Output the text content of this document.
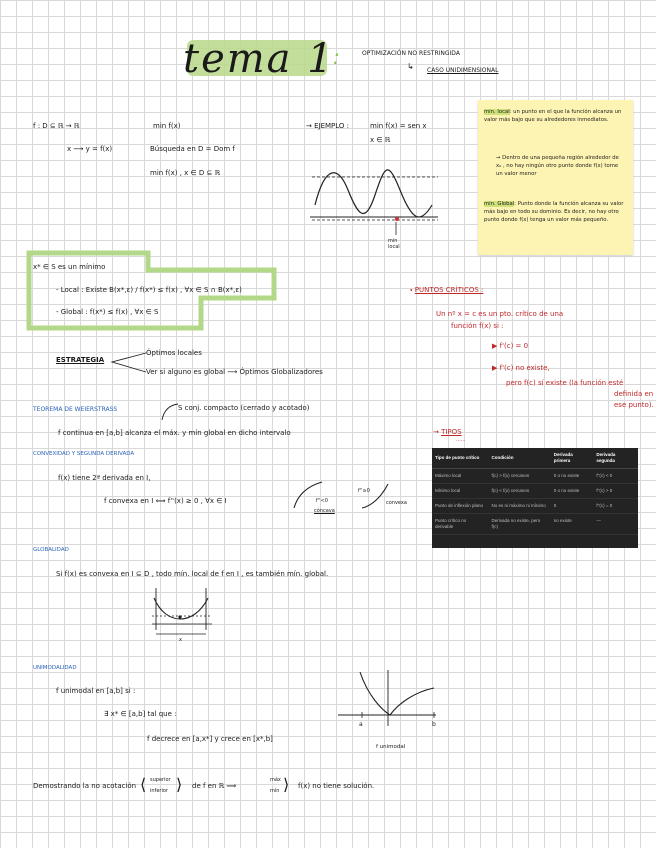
tema 1
:	OPTIMIZACIÓN NO RESTRINGIDA
↳ CASO UNIDIMENSIONAL
f : D ⊆ ℝ → ℝ
x ⟶ y = f(x)
min f(x)
Búsqueda en D = Dom f
min f(x) , x ∈ D ⊆ ℝ
→ EJEMPLO :	min f(x) = sen x
x ∈ ℝ
min local
min. local: un punto en el que la función alcanza un valor más bajo que su alrededores inmediatos.
→ Dentro de una pequeña región alrededor de x₀ , no hay ningún otro punto donde f(x) tome un valor menor
min. Global: Punto donde la función alcanza su valor más bajo en todo su dominio. Es decir, no hay otro punto donde f(x) tenga un valor más pequeño.
x* ∈ S es un mínimo
- Local : Existe B(x*,ε) / f(x*) ≤ f(x) , ∀x ∈ S ∩ B(x*,ε)
- Global : f(x*) ≤ f(x) , ∀x ∈ S
⬩ PUNTOS CRÍTICOS :
Un nº x = c es un pto. crítico de una
función f(x) si :
▶ f'(c) = 0
▶ f'(c) no existe,
pero f(c) sí existe (la función esté
definida en
ese punto).
ESTRATEGIA
Óptimos locales
Ver si alguno es global ⟶ Óptimos Globalizadores
TEOREMA DE WEIERSTRASS	S conj. compacto (cerrado y acotado)
f continua en [a,b] alcanza el máx. y mín global en dicho intervalo	→ TIPOS
......
Tipo de punto crítico	Condición	Derivada primera	Derivada segunda
Máximo local	f(c) > f(x) cercanos	0 o no existe	f''(c) < 0
Mínimo local	f(c) < f(x) cercanos	0 o no existe	f''(c) > 0
Punto de inflexión plano	No es ni máximo ni mínimo	0	f''(c) = 0
Punto crítico no derivable	Derivada no existe, pero f(c)	no existe	—
CONVEXIDAD Y SEGUNDA DERIVADA
f(x) tiene 2ª derivada en I,
f convexa en I ⟺ f''(x) ≥ 0 , ∀x ∈ I	f''<0
cóncava
f''≥0
convexa
GLOBALIDAD
Si f(x) es convexa en I ⊆ D , todo mín. local de f en I , es también mín. global.
x
UNIMODALIDAD
f unimodal en [a,b] si :
∃ x* ∈ [a,b] tal que :
f decrece en [a,x*] y crece en [x*,b]
a	b
f unimodal
Demostrando la no acotación ⟨ superior
inferior ⟩ de f en ℝ ⟹
máx
mín ⟩ f(x) no tiene solución.
